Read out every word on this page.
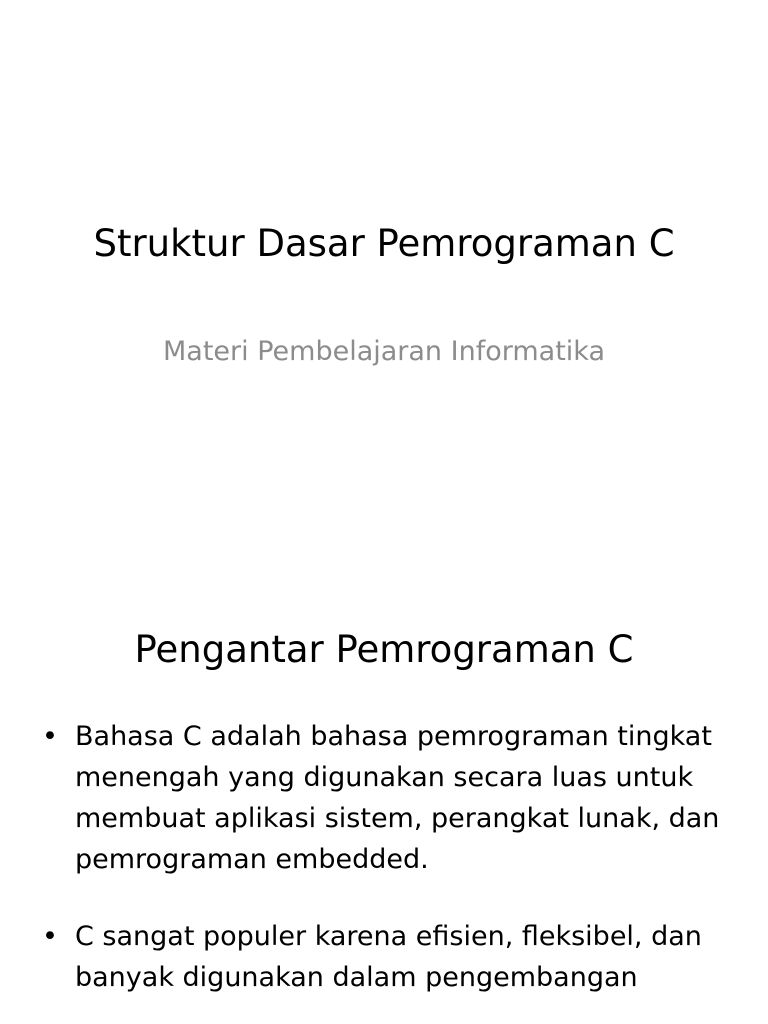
Struktur Dasar Pemrograman C
Materi Pembelajaran Informatika
Pengantar Pemrograman C
• Bahasa C adalah bahasa pemrograman tingkat menengah yang digunakan secara luas untuk membuat aplikasi sistem, perangkat lunak, dan pemrograman embedded.
• C sangat populer karena efisien, fleksibel, dan banyak digunakan dalam pengembangan
